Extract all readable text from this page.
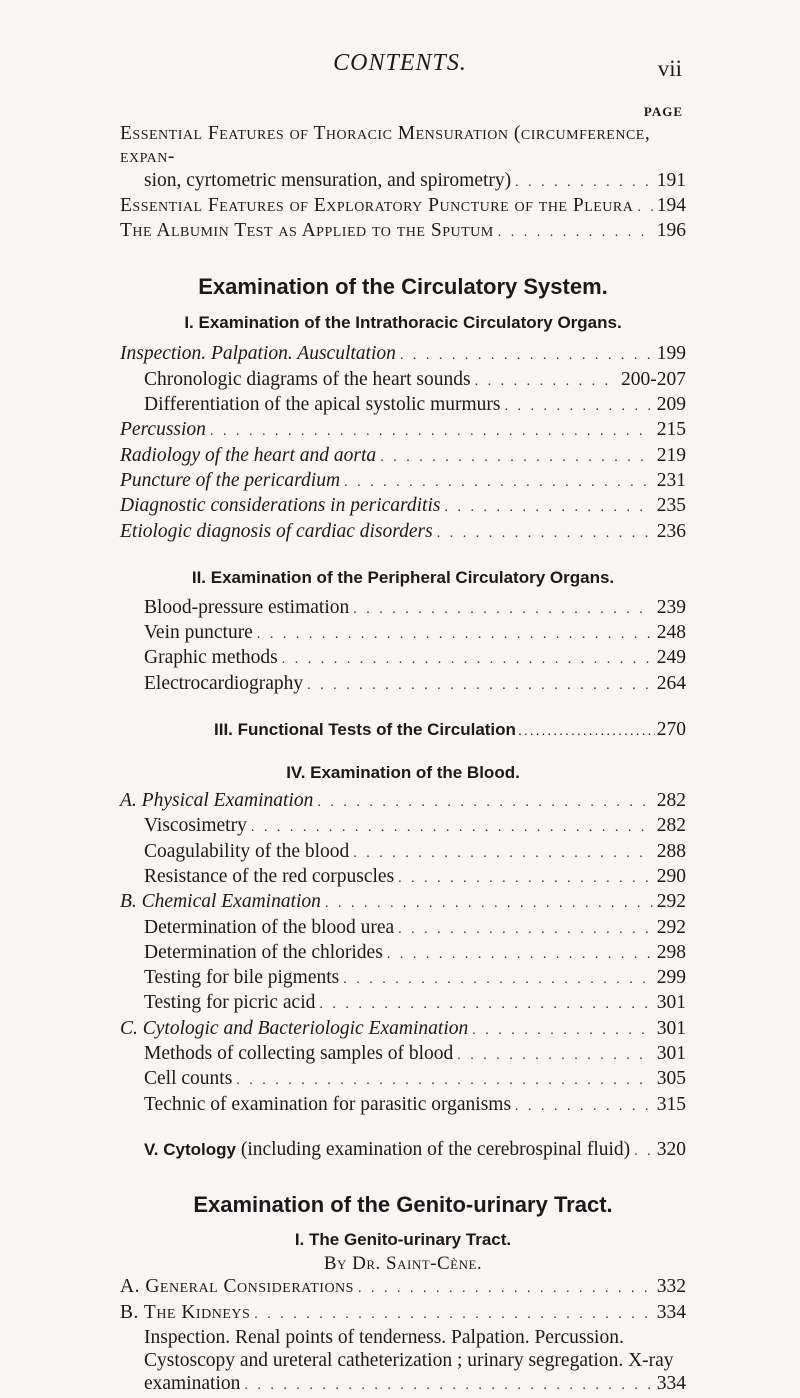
CONTENTS.	vii
PAGE
Essential Features of Thoracic Mensuration (circumference, expan-
sion, cyrtometric mensuration, and spirometry) . . .	191
Essential Features of Exploratory Puncture of the Pleura . . . 194
The Albumin Test as Applied to the Sputum . . .	196
Examination of the Circulatory System.
I. Examination of the Intrathoracic Circulatory Organs.
Inspection. Palpation. Auscultation . . .	199
Chronologic diagrams of the heart sounds . . .	200-207
Differentiation of the apical systolic murmurs . . .	209
Percussion . . .	215
Radiology of the heart and aorta . . .	219
Puncture of the pericardium . . .	231
Diagnostic considerations in pericarditis . . .	235
Etiologic diagnosis of cardiac disorders . . .	236
II. Examination of the Peripheral Circulatory Organs.
Blood-pressure estimation . . .	239
Vein puncture . . .	248
Graphic methods . . .	249
Electrocardiography . . .	264
III. Functional Tests of the Circulation .....	270
IV. Examination of the Blood.
A. Physical Examination . . .	282
Viscosimetry . . .	282
Coagulability of the blood . . .	288
Resistance of the red corpuscles . . .	290
B. Chemical Examination . . .	292
Determination of the blood urea . . .	292
Determination of the chlorides . . .	298
Testing for bile pigments . . .	299
Testing for picric acid . . .	301
C. Cytologic and Bacteriologic Examination . . .	301
Methods of collecting samples of blood . . .	301
Cell counts . . .	305
Technic of examination for parasitic organisms . . .	315
V. Cytology (including examination of the cerebrospinal fluid) . . . 320
Examination of the Genito-urinary Tract.
I. The Genito-urinary Tract.
By Dr. Saint-Cène.
A. General Considerations . . .	332
B. The Kidneys . . .	334
Inspection. Renal points of tenderness. Palpation. Percussion.
Cystoscopy and ureteral catheterization ; urinary segregation. X-ray
examination . . .	334
